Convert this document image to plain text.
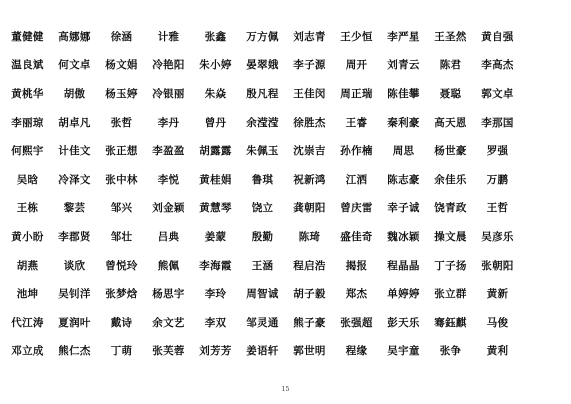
董健健	高娜娜	徐涵	计雅	张鑫	万方佩	刘志青	王少恒	李严星	王圣然	黄自强
温良斌	何文卓	杨文娟	冷艳阳	朱小婷	晏翠娥	李子源	周开	刘青云	陈君	李高杰
黄桃华	胡傲	杨玉婷	冷银丽	朱焱	殷凡程	王佳闵	周正瑞	陈佳攀	聂聪	郭文卓
李丽琼	胡卓凡	张哲	李丹	曾丹	余滢滢	徐胜杰	王睿	秦利豪	高天恩	李那国
何熙宇	计佳文	张正想	李盈盈	胡露露	朱佩玉	沈崇吉	孙作楠	周思	杨世豪	罗强
吴晗	冷泽文	张中林	李悦	黄桂娟	鲁琪	祝新鸿	江洒	陈志豪	余佳乐	万鹏
王栋	黎芸	邹兴	刘金颖	黄慧琴	饶立	龚朝阳	曾庆雷	幸子诚	饶青政	王哲
黄小盼	李郡贤	邹壮	吕典	姜蒙	殷勤	陈琦	盛佳奇	魏冰颖	操文晨	吴彦乐
胡燕	谈欣	曾悦玲	熊佩	李海霞	王涵	程启浩	揭报	程晶晶	丁子扬	张朝阳
池坤	吴钊洋	张梦焓	杨思宇	李玲	周智诚	胡子毅	郑杰	单婷婷	张立群	黄新
代江涛	夏润叶	戴诗	余文艺	李双	邹灵通	熊子豪	张强超	彭天乐	骞鈺麒	马俊
邓立成	熊仁杰	丁萌	张芙蓉	刘芳芳	姜语轩	郭世明	程缘	吴宇童	张争	黄利
15
